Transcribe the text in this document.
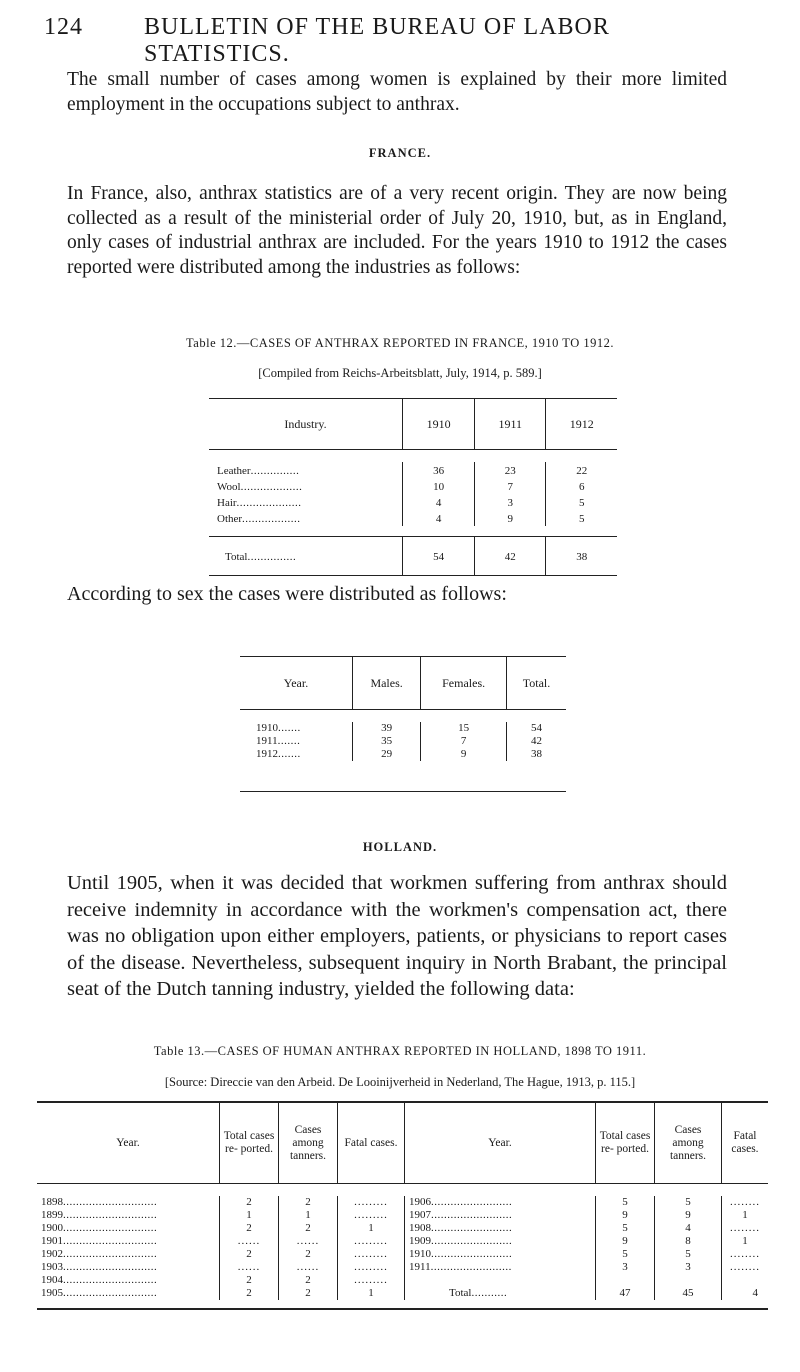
124	BULLETIN OF THE BUREAU OF LABOR STATISTICS.
The small number of cases among women is explained by their more limited employment in the occupations subject to anthrax.
FRANCE.
In France, also, anthrax statistics are of a very recent origin. They are now being collected as a result of the ministerial order of July 20, 1910, but, as in England, only cases of industrial anthrax are included. For the years 1910 to 1912 the cases reported were distributed among the industries as follows:
Table 12.—CASES OF ANTHRAX REPORTED IN FRANCE, 1910 TO 1912.
[Compiled from Reichs-Arbeitsblatt, July, 1914, p. 589.]
Industry.	1910	1911	1912

Leather...............	36	23	22
Wool...................	10	7	6
Hair....................	4	3	5
Other..................	4	9	5

Total...............	54	42	38
According to sex the cases were distributed as follows:
Year.	Males.	Females.	Total.

1910.......	39	15	54
1911.......	35	7	42
1912.......	29	9	38

HOLLAND.
Until 1905, when it was decided that workmen suffering from anthrax should receive indemnity in accordance with the workmen's compensation act, there was no obligation upon either employers, patients, or physicians to report cases of the disease. Nevertheless, subsequent inquiry in North Brabant, the principal seat of the Dutch tanning industry, yielded the following data:
Table 13.—CASES OF HUMAN ANTHRAX REPORTED IN HOLLAND, 1898 TO 1911.
[Source: Direccie van den Arbeid. De Looinijverheid in Nederland, The Hague, 1913, p. 115.]
Year.	Total cases re- ported.	Cases among tanners.	Fatal cases.	Year.	Total cases re- ported.	Cases among tanners.	Fatal cases.

1898.............................	2	2	.........	1906.........................	5	5	........
1899.............................	1	1	.........	1907.........................	9	9	1
1900.............................	2	2	1	1908.........................	5	4	........
1901.............................	......	......	.........	1909.........................	9	8	1
1902.............................	2	2	.........	1910.........................	5	5	........
1903.............................	......	......	.........	1911.........................	3	3	........
1904.............................	2	2	.........				
1905.............................	2	2	1	Total...........	47	45	4
